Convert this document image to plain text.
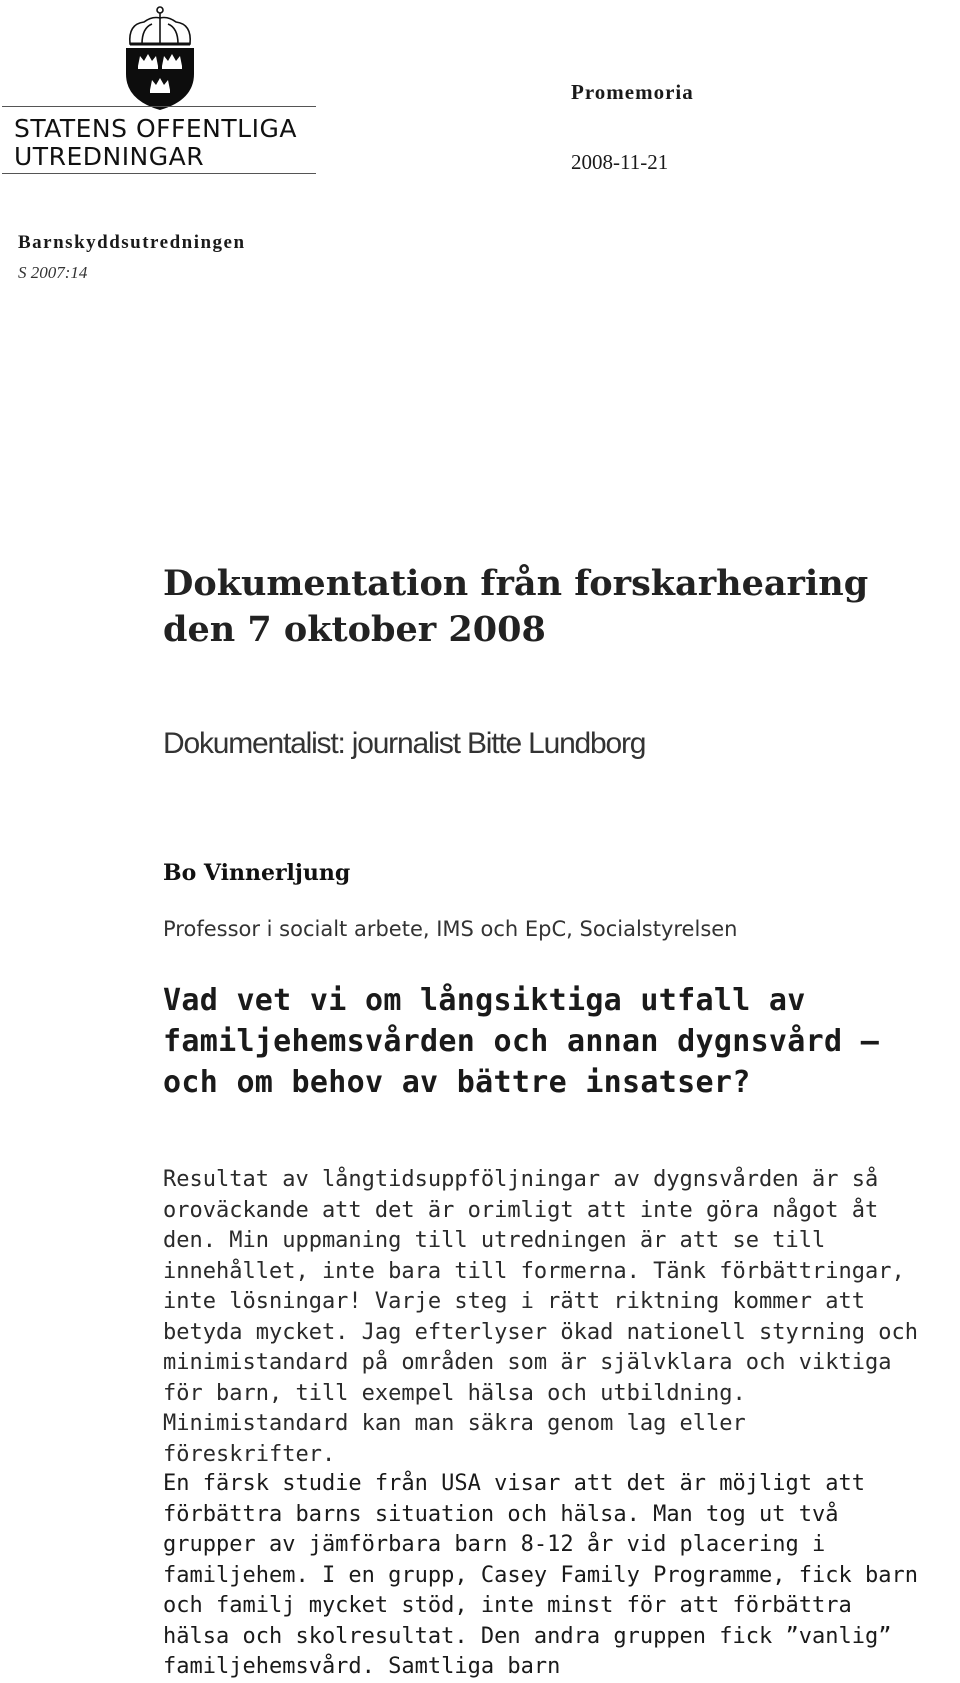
STATENS OFFENTLIGA
UTREDNINGAR
Promemoria
2008-11-21
Barnskyddsutredningen
S 2007:14
Dokumentation från forskarhearing den 7 oktober 2008
Dokumentalist: journalist Bitte Lundborg
Bo Vinnerljung
Professor i socialt arbete, IMS och EpC, Socialstyrelsen
Vad vet vi om långsiktiga utfall av familjehemsvården och annan dygnsvård – och om behov av bättre insatser?

Resultat av långtidsuppföljningar av dygnsvården är så oroväckande att det är orimligt att inte göra något åt den. Min uppmaning till utredningen är att se till innehållet, inte bara till formerna. Tänk förbättringar, inte lösningar! Varje steg i rätt riktning kommer att betyda mycket. Jag efterlyser ökad nationell styrning och minimistandard på områden som är självklara och viktiga för barn, till exempel hälsa och utbildning. Minimistandard kan man säkra genom lag eller föreskrifter.

En färsk studie från USA visar att det är möjligt att förbättra barns situation och hälsa. Man tog ut två grupper av jämförbara barn 8-12 år vid placering i familjehem. I en grupp, Casey Family Programme, fick barn och familj mycket stöd, inte minst för att förbättra hälsa och skolresultat. Den andra gruppen fick ”vanlig” familjehemsvård. Samtliga barn
